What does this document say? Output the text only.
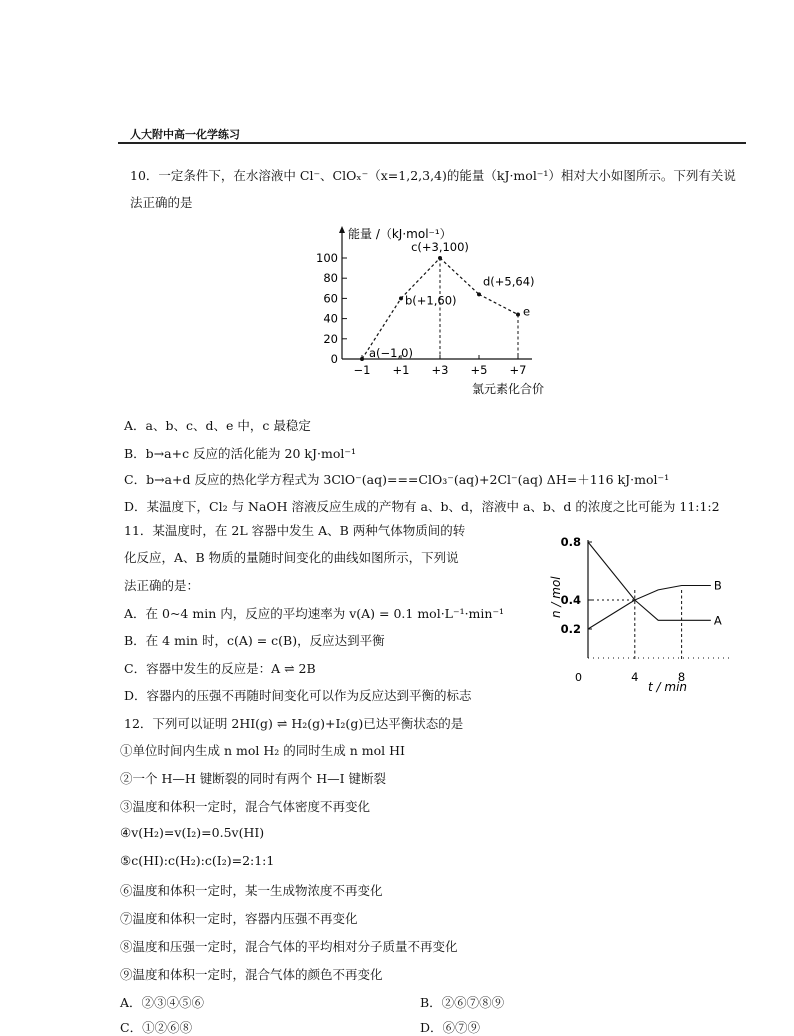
人大附中高一化学练习
10．一定条件下，在水溶液中 Cl⁻、ClOₓ⁻（x=1,2,3,4)的能量（kJ·mol⁻¹）相对大小如图所示。下列有关说
法正确的是
能量 /（kJ·mol⁻¹）
氯元素化合价
0
20
40
60
80
100
−1 +1 +3 +5 +7
a(−1,0)
b(+1,60)
c(+3,100)
d(+5,64)
e
A．a、b、c、d、e 中，c 最稳定
B．b→a+c 反应的活化能为 20 kJ·mol⁻¹
C．b→a+d 反应的热化学方程式为 3ClO⁻(aq)===ClO₃⁻(aq)+2Cl⁻(aq) ΔH=＋116 kJ·mol⁻¹
D．某温度下，Cl₂ 与 NaOH 溶液反应生成的产物有 a、b、d，溶液中 a、b、d 的浓度之比可能为 11:1:2
11．某温度时，在 2L 容器中发生 A、B 两种气体物质间的转
化反应，A、B 物质的量随时间变化的曲线如图所示，下列说
法正确的是：	n / mol
t / min
0
0.2
0.4
0.8
4	8
A
B
A．在 0~4 min 内，反应的平均速率为 v(A) = 0.1 mol·L⁻¹·min⁻¹
B．在 4 min 时，c(A) = c(B)，反应达到平衡
C．容器中发生的反应是：A ⇌ 2B
D．容器内的压强不再随时间变化可以作为反应达到平衡的标志
12．下列可以证明 2HI(g) ⇌ H₂(g)+I₂(g)已达平衡状态的是
①单位时间内生成 n mol H₂ 的同时生成 n mol HI
②一个 H—H 键断裂的同时有两个 H—I 键断裂
③温度和体积一定时，混合气体密度不再变化
④v(H₂)=v(I₂)=0.5v(HI)
⑤c(HI):c(H₂):c(I₂)=2:1:1
⑥温度和体积一定时，某一生成物浓度不再变化
⑦温度和体积一定时，容器内压强不再变化
⑧温度和压强一定时，混合气体的平均相对分子质量不再变化
⑨温度和体积一定时，混合气体的颜色不再变化
A．②③④⑤⑥	B．②⑥⑦⑧⑨
C．①②⑥⑧	D．⑥⑦⑨
